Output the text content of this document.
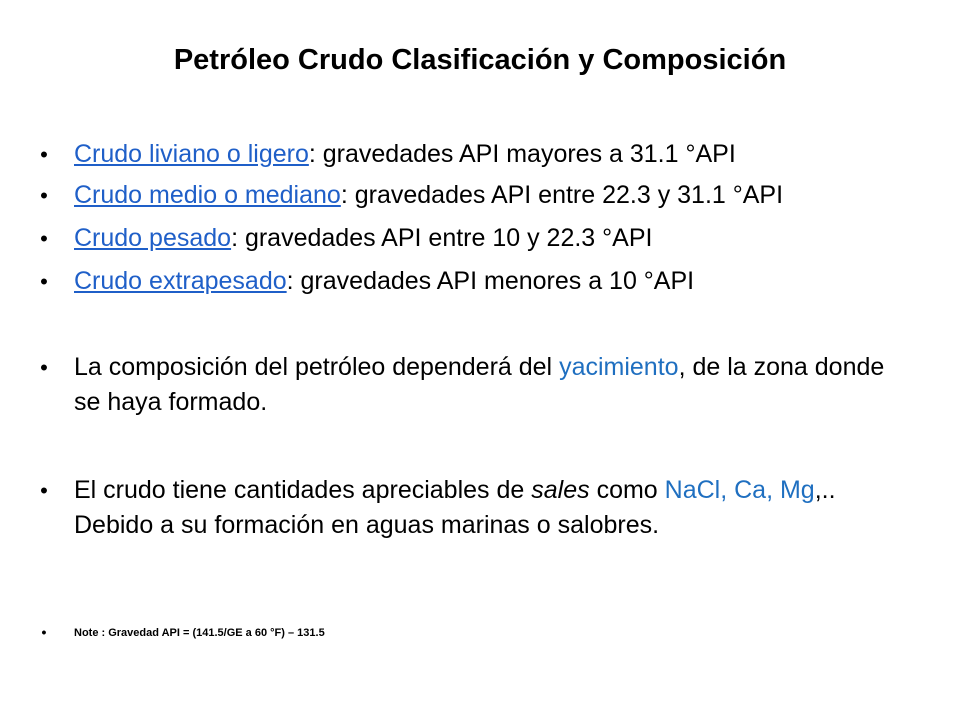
Petróleo Crudo Clasificación y Composición
• Crudo liviano o ligero: gravedades API mayores a 31.1 °API
• Crudo medio o mediano: gravedades API entre 22.3 y 31.1 °API
• Crudo pesado: gravedades API entre 10 y 22.3 °API
• Crudo extrapesado: gravedades API menores a 10 °API
• La composición del petróleo dependerá del yacimiento, de la zona donde se haya formado.
• El crudo tiene cantidades apreciables de sales como NaCl, Ca, Mg,.. Debido a su formación en aguas marinas o salobres.
•	Note : Gravedad API = (141.5/GE a 60 °F) – 131.5
